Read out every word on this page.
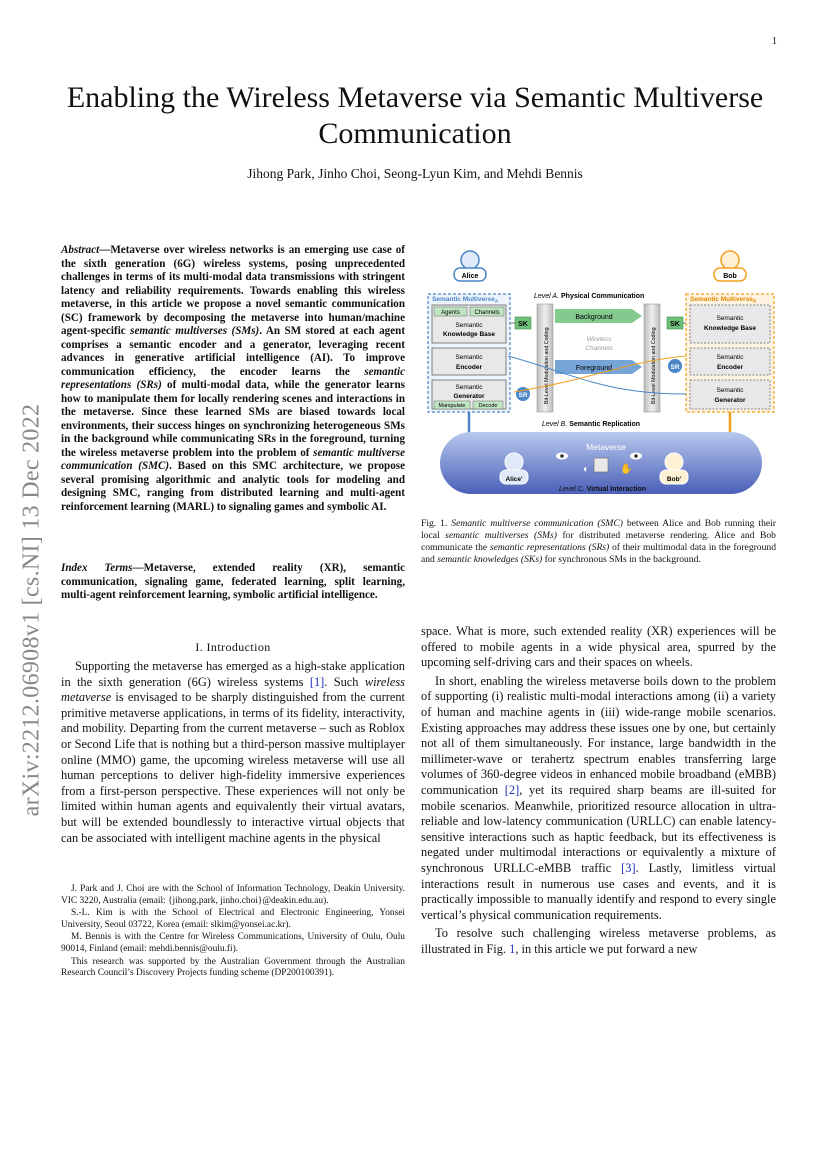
1
arXiv:2212.06908v1 [cs.NI] 13 Dec 2022
Enabling the Wireless Metaverse via Semantic Multiverse Communication
Jihong Park, Jinho Choi, Seong-Lyun Kim, and Mehdi Bennis
Abstract—Metaverse over wireless networks is an emerging use case of the sixth generation (6G) wireless systems, posing unprecedented challenges in terms of its multi-modal data transmissions with stringent latency and reliability requirements. Towards enabling this wireless metaverse, in this article we propose a novel semantic communication (SC) framework by decomposing the metaverse into human/machine agent-specific semantic multiverses (SMs). An SM stored at each agent comprises a semantic encoder and a generator, leveraging recent advances in generative artificial intelligence (AI). To improve communication efficiency, the encoder learns the semantic representations (SRs) of multi-modal data, while the generator learns how to manipulate them for locally rendering scenes and interactions in the metaverse. Since these learned SMs are biased towards local environments, their success hinges on synchronizing heterogeneous SMs in the background while communicating SRs in the foreground, turning the wireless metaverse problem into the problem of semantic multiverse communication (SMC). Based on this SMC architecture, we propose several promising algorithmic and analytic tools for modeling and designing SMC, ranging from distributed learning and multi-agent reinforcement learning (MARL) to signaling games and symbolic AI.
Index Terms—Metaverse, extended reality (XR), semantic communication, signaling game, federated learning, split learning, multi-agent reinforcement learning, symbolic artificial intelligence.
I. Introduction

Supporting the metaverse has emerged as a high-stake application in the sixth generation (6G) wireless systems [1]. Such wireless metaverse is envisaged to be sharply distinguished from the current primitive metaverse applications, in terms of its fidelity, interactivity, and mobility. Departing from the current metaverse – such as Roblox or Second Life that is nothing but a third-person massive multiplayer online (MMO) game, the upcoming wireless metaverse will use all human perceptions to deliver high-fidelity immersive experiences from a first-person perspective. These experiences will not only be limited within human agents and equivalently their virtual avatars, but will be extended boundlessly to interactive virtual objects that can be associated with intelligent machine agents in the physical

J. Park and J. Choi are with the School of Information Technology, Deakin University. VIC 3220, Australia (email: {jihong.park, jinho.choi}@deakin.edu.au).

S.-L. Kim is with the School of Electrical and Electronic Engineering, Yonsei University, Seoul 03722, Korea (email: slkim@yonsei.ac.kr).

M. Bennis is with the Centre for Wireless Communications, University of Oulu, Oulu 90014, Finland (email: mehdi.bennis@oulu.fi).

This research was supported by the Australian Government through the Australian Research Council’s Discovery Projects funding scheme (DP200100391).

Alice	Bob
Level A. Physical Communication
Semantic Multiverse$_A$
Agents Channels
Semantic
Knowledge Base
Semantic
Encoder
Semantic
Generator
Manipulate Decode
Semantic Multiverse$_B$
Semantic
Knowledge Base
Semantic
Encoder
Semantic
Generator
SK	SK
SR
SR
Bit-Level Modulation and Coding	Bit-Level Modulation and Coding
Background
Wireless
Channels
Foreground
Level B. Semantic Replication
Metaverse
Alice'	Bob'
◖	✋
Level C. Virtual Interaction
Fig. 1. Semantic multiverse communication (SMC) between Alice and Bob running their local semantic multiverses (SMs) for distributed metaverse rendering. Alice and Bob communicate the semantic representations (SRs) of their multimodal data in the foreground and semantic knowledges (SKs) for synchronous SMs in the background.

space. What is more, such extended reality (XR) experiences will be offered to mobile agents in a wide physical area, spurred by the upcoming self-driving cars and their spaces on wheels.

In short, enabling the wireless metaverse boils down to the problem of supporting (i) realistic multi-modal interactions among (ii) a variety of human and machine agents in (iii) wide-range mobile scenarios. Existing approaches may address these issues one by one, but certainly not all of them simultaneously. For instance, large bandwidth in the millimeter-wave or terahertz spectrum enables transferring large volumes of 360-degree videos in enhanced mobile broadband (eMBB) communication [2], yet its required sharp beams are ill-suited for mobile scenarios. Meanwhile, prioritized resource allocation in ultra-reliable and low-latency communication (URLLC) can enable latency-sensitive interactions such as haptic feedback, but its effectiveness is negated under multimodal interactions or equivalently a mixture of synchronous URLLC-eMBB traffic [3]. Lastly, limitless virtual interactions result in numerous use cases and events, and it is practically impossible to manually identify and respond to every single vertical’s physical communication requirements.

To resolve such challenging wireless metaverse problems, as illustrated in Fig. 1, in this article we put forward a new
